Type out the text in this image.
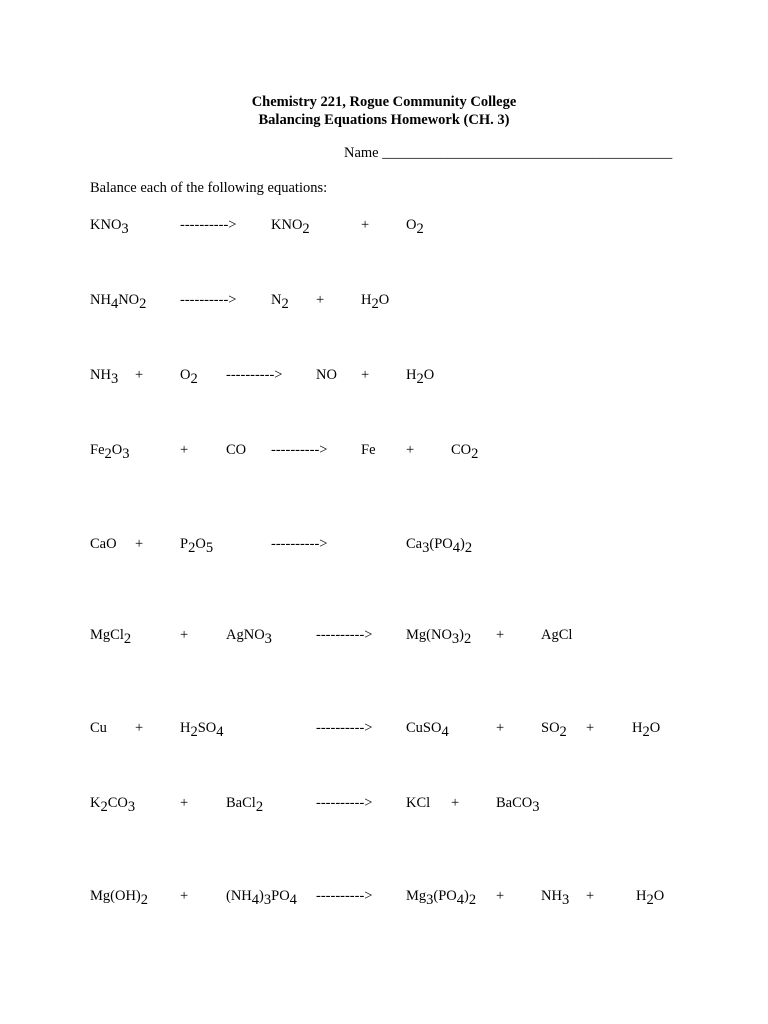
Chemistry 221, Rogue Community College
Balancing Equations Homework (CH. 3)
Name ________________________________________
Balance each of the following equations:
KNO3	----------> KNO2	+	O2
NH4NO2 ----------> N2 +	H2O
NH3 +	O2 ----------> NO +	H2O
Fe2O3	+	CO ----------> Fe +	CO2
CaO +	P2O5	---------->	Ca3(PO4)2
MgCl2	+	AgNO3	----------> Mg(NO3)2 +	AgCl
Cu +	H2SO4	----------> CuSO4	+	SO2 +	H2O
K2CO3	+	BaCl2	----------> KCl +	BaCO3
Mg(OH)2 +	(NH4)3PO4 ----------> Mg3(PO4)2 +	NH3 +	H2O
